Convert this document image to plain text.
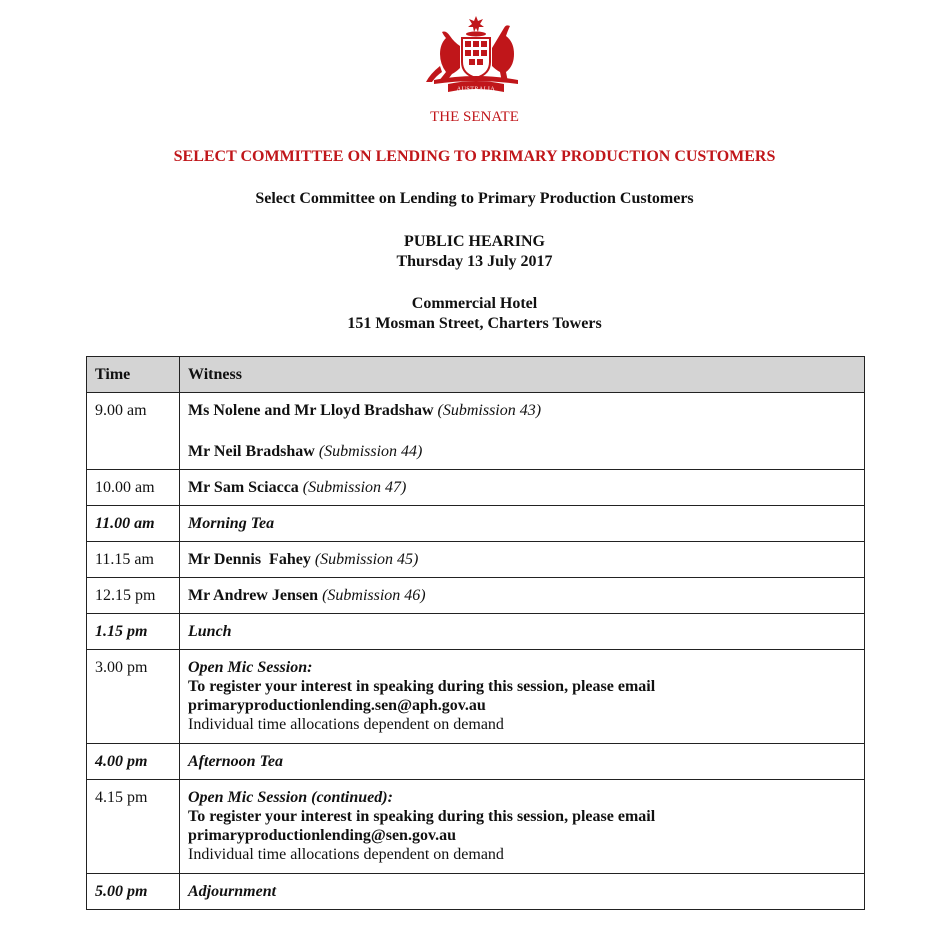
AUSTRALIA
THE SENATE
SELECT COMMITTEE ON LENDING TO PRIMARY PRODUCTION CUSTOMERS
Select Committee on Lending to Primary Production Customers
PUBLIC HEARING
Thursday 13 July 2017
Commercial Hotel
151 Mosman Street, Charters Towers
Time	Witness
9.00 am	Ms Nolene and Mr Lloyd Bradshaw (Submission 43)
Mr Neil Bradshaw (Submission 44)
10.00 am	Mr Sam Sciacca (Submission 47)
11.00 am	Morning Tea
11.15 am	Mr Dennis  Fahey (Submission 45)
12.15 pm	Mr Andrew Jensen (Submission 46)
1.15 pm	Lunch
3.00 pm	Open Mic Session:
To register your interest in speaking during this session, please email
primaryproductionlending.sen@aph.gov.au
Individual time allocations dependent on demand

4.00 pm	Afternoon Tea
4.15 pm	Open Mic Session (continued):
To register your interest in speaking during this session, please email
primaryproductionlending@sen.gov.au
Individual time allocations dependent on demand

5.00 pm	Adjournment
